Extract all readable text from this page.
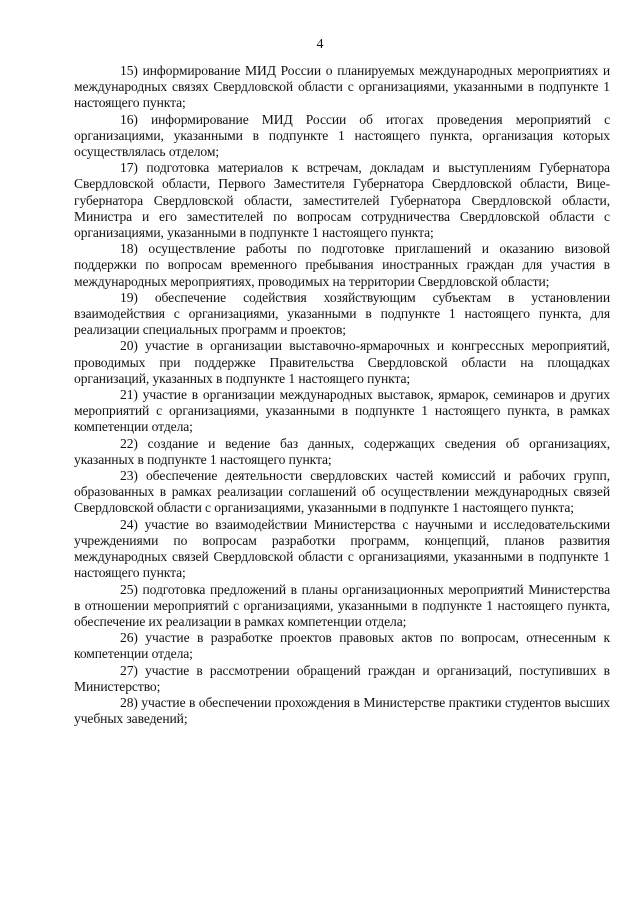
4

15) информирование МИД России о планируемых международных мероприятиях и международных связях Свердловской области с организациями, указанными в подпункте 1 настоящего пункта;

16) информирование МИД России об итогах проведения мероприятий с организациями, указанными в подпункте 1 настоящего пункта, организация которых осуществлялась отделом;

17) подготовка материалов к встречам, докладам и выступлениям Губернатора Свердловской области, Первого Заместителя Губернатора Свердловской области, Вице-губернатора Свердловской области, заместителей Губернатора Свердловской области, Министра и его заместителей по вопросам сотрудничества Свердловской области с организациями, указанными в подпункте 1 настоящего пункта;

18) осуществление работы по подготовке приглашений и оказанию визовой поддержки по вопросам временного пребывания иностранных граждан для участия в международных мероприятиях, проводимых на территории Свердловской области;

19) обеспечение содействия хозяйствующим субъектам в установлении взаимодействия с организациями, указанными в подпункте 1 настоящего пункта, для реализации специальных программ и проектов;

20) участие в организации выставочно-ярмарочных и конгрессных мероприятий, проводимых при поддержке Правительства Свердловской области на площадках организаций, указанных в подпункте 1 настоящего пункта;

21) участие в организации международных выставок, ярмарок, семинаров и других мероприятий с организациями, указанными в подпункте 1 настоящего пункта, в рамках компетенции отдела;

22) создание и ведение баз данных, содержащих сведения об организациях, указанных в подпункте 1 настоящего пункта;

23) обеспечение деятельности свердловских частей комиссий и рабочих групп, образованных в рамках реализации соглашений об осуществлении международных связей Свердловской области с организациями, указанными в подпункте 1 настоящего пункта;

24) участие во взаимодействии Министерства с научными и исследовательскими учреждениями по вопросам разработки программ, концепций, планов развития международных связей Свердловской области с организациями, указанными в подпункте 1 настоящего пункта;

25) подготовка предложений в планы организационных мероприятий Министерства в отношении мероприятий с организациями, указанными в подпункте 1 настоящего пункта, обеспечение их реализации в рамках компетенции отдела;

26) участие в разработке проектов правовых актов по вопросам, отнесенным к компетенции отдела;

27) участие в рассмотрении обращений граждан и организаций, поступивших в Министерство;

28) участие в обеспечении прохождения в Министерстве практики студентов высших учебных заведений;
